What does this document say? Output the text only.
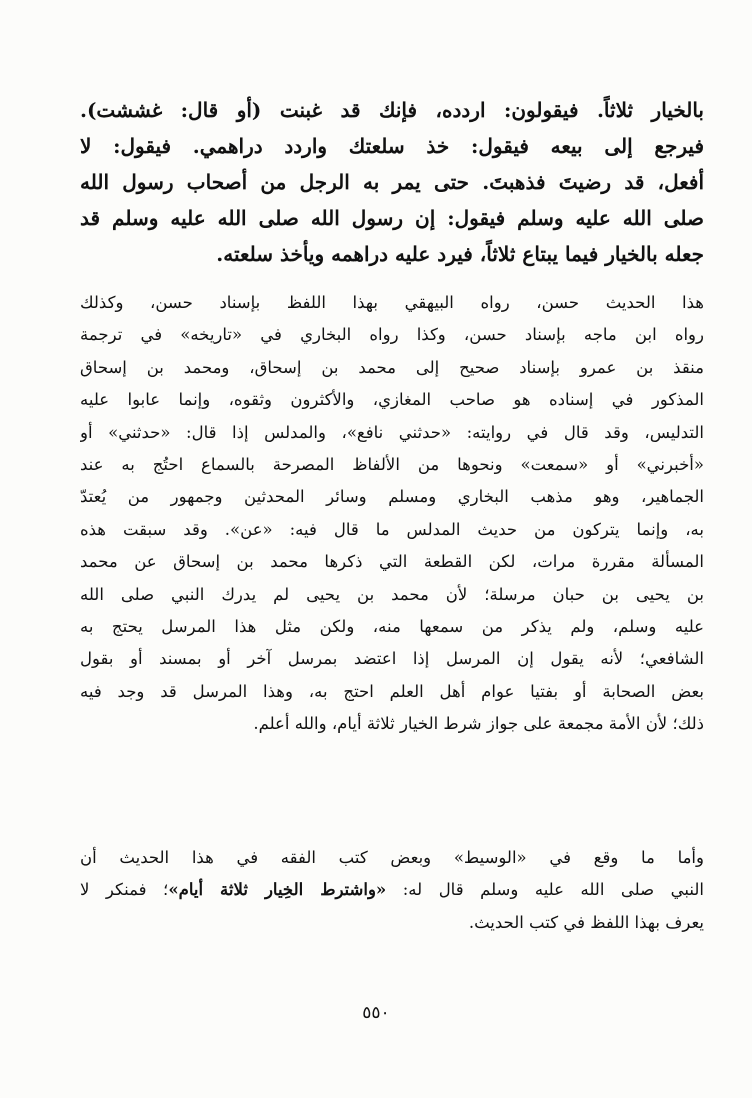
بالخيار ثلاثاً. فيقولون: اردده، فإنك قد غبنت (أو قال: غششت).
فيرجع إلى بيعه فيقول: خذ سلعتك واردد دراهمي. فيقول: لا
أفعل، قد رضيتَ فذهبتَ. حتى يمر به الرجل من أصحاب رسول الله
صلى الله عليه وسلم فيقول: إن رسول الله صلى الله عليه وسلم قد
جعله بالخيار فيما يبتاع ثلاثاً، فيرد عليه دراهمه ويأخذ سلعته.
هذا الحديث حسن، رواه البيهقي بهذا اللفظ بإسناد حسن، وكذلك
رواه ابن ماجه بإسناد حسن، وكذا رواه البخاري في «تاريخه» في ترجمة
منقذ بن عمرو بإسناد صحيح إلى محمد بن إسحاق، ومحمد بن إسحاق
المذكور في إسناده هو صاحب المغازي، والأكثرون وثقوه، وإنما عابوا عليه
التدليس، وقد قال في روايته: «حدثني نافع»، والمدلس إذا قال: «حدثني» أو
«أخبرني» أو «سمعت» ونحوها من الألفاظ المصرحة بالسماع احتُج به عند
الجماهير، وهو مذهب البخاري ومسلم وسائر المحدثين وجمهور من يُعتدّ
به، وإنما يتركون من حديث المدلس ما قال فيه: «عن». وقد سبقت هذه
المسألة مقررة مرات، لكن القطعة التي ذكرها محمد بن إسحاق عن محمد
بن يحيى بن حبان مرسلة؛ لأن محمد بن يحيى لم يدرك النبي صلى الله
عليه وسلم، ولم يذكر من سمعها منه، ولكن مثل هذا المرسل يحتج به
الشافعي؛ لأنه يقول إن المرسل إذا اعتضد بمرسل آخر أو بمسند أو بقول
بعض الصحابة أو بفتيا عوام أهل العلم احتج به، وهذا المرسل قد وجد فيه
ذلك؛ لأن الأمة مجمعة على جواز شرط الخيار ثلاثة أيام، والله أعلم.
وأما ما وقع في «الوسيط» وبعض كتب الفقه في هذا الحديث أن
النبي صلى الله عليه وسلم قال له: «واشترط الخِيار ثلاثة أيام»؛ فمنكر لا
يعرف بهذا اللفظ في كتب الحديث.
٥٥٠
